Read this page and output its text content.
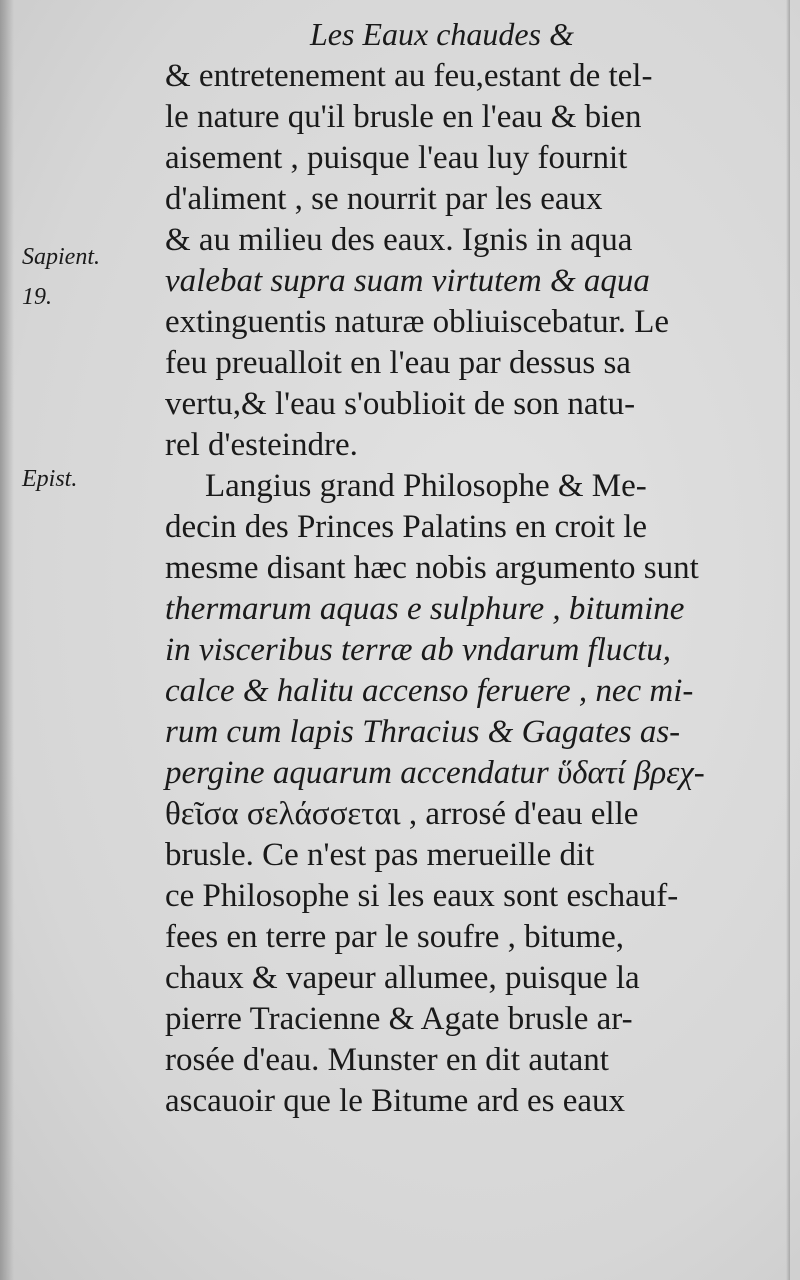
Les Eaux chaudes &
Sapient.
19.
Epist.
& entretenement au feu,estant de tel-
le nature qu'il brusle en l'eau & bien
aisement , puisque l'eau luy fournit
d'aliment , se nourrit par les eaux
& au milieu des eaux. Ignis in aqua
valebat supra suam virtutem & aqua
extinguentis naturæ obliuiscebatur. Le
feu preualloit en l'eau par dessus sa
vertu,& l'eau s'oublioit de son natu-
rel d'esteindre.
Langius grand Philosophe & Me-
decin des Princes Palatins en croit le
mesme disant hæc nobis argumento sunt
thermarum aquas e sulphure , bitumine
in visceribus terræ ab vndarum fluctu,
calce & halitu accenso feruere , nec mi-
rum cum lapis Thracius & Gagates as-
pergine aquarum accendatur ὕδατί βρεχ-
θεῖσα σελάσσεται , arrosé d'eau elle
brusle. Ce n'est pas merueille dit
ce Philosophe si les eaux sont eschauf-
fees en terre par le soufre , bitume,
chaux & vapeur allumee, puisque la
pierre Tracienne & Agate brusle ar-
rosée d'eau. Munster en dit autant
ascauoir que le Bitume ard es eaux
